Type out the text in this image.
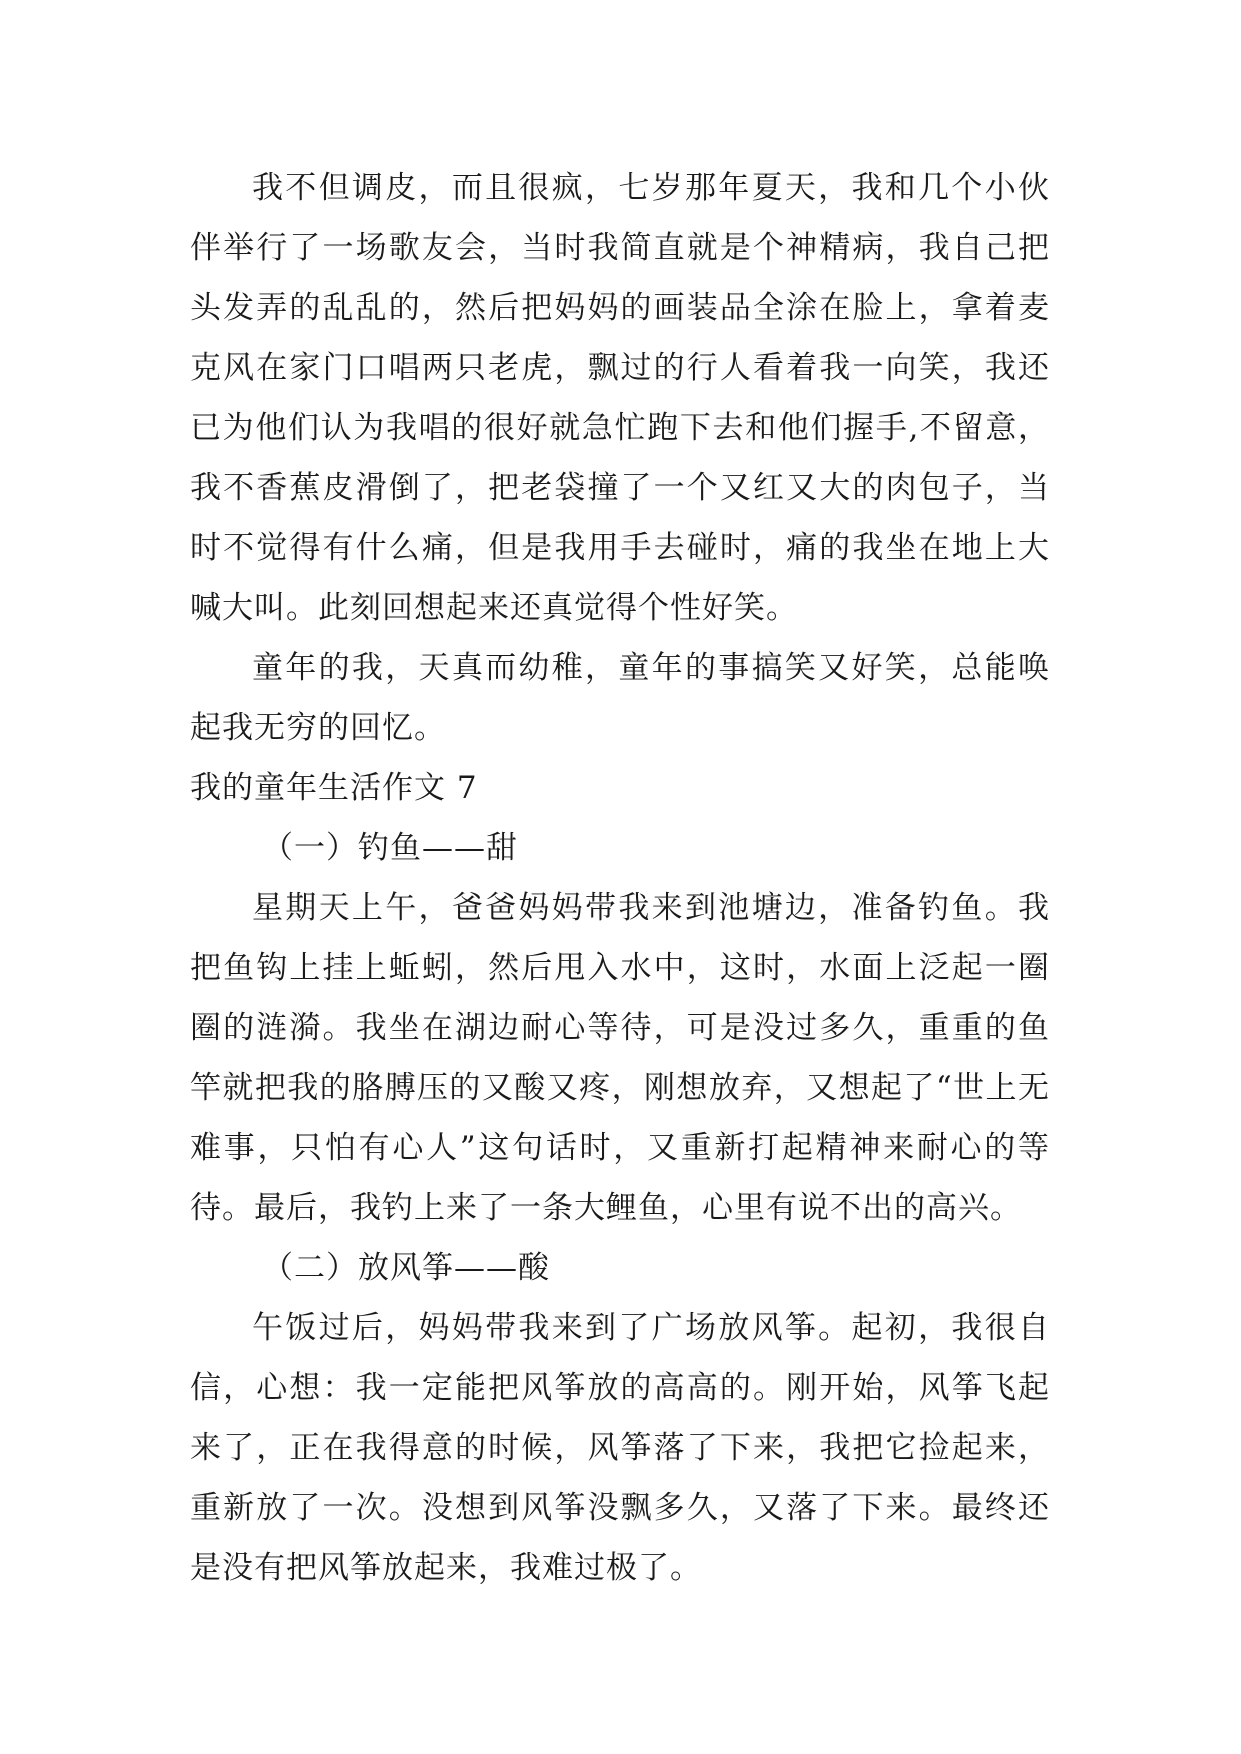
我不但调皮，而且很疯，七岁那年夏天，我和几个小伙伴举行了一场歌友会，当时我简直就是个神精病，我自己把头发弄的乱乱的，然后把妈妈的画装品全涂在脸上，拿着麦克风在家门口唱两只老虎，飘过的行人看着我一向笑，我还已为他们认为我唱的很好就急忙跑下去和他们握手,不留意，我不香蕉皮滑倒了，把老袋撞了一个又红又大的肉包子，当时不觉得有什么痛，但是我用手去碰时，痛的我坐在地上大喊大叫。此刻回想起来还真觉得个性好笑。

童年的我，天真而幼稚，童年的事搞笑又好笑，总能唤起我无穷的回忆。

我的童年生活作文 7

（一）钓鱼——甜

星期天上午，爸爸妈妈带我来到池塘边，准备钓鱼。我把鱼钩上挂上蚯蚓，然后甩入水中，这时，水面上泛起一圈圈的涟漪。我坐在湖边耐心等待，可是没过多久，重重的鱼竿就把我的胳膊压的又酸又疼，刚想放弃，又想起了“世上无难事，只怕有心人”这句话时，又重新打起精神来耐心的等待。最后，我钓上来了一条大鲤鱼，心里有说不出的高兴。

（二）放风筝——酸

午饭过后，妈妈带我来到了广场放风筝。起初，我很自信，心想：我一定能把风筝放的高高的。刚开始，风筝飞起来了，正在我得意的时候，风筝落了下来，我把它捡起来，重新放了一次。没想到风筝没飘多久，又落了下来。最终还是没有把风筝放起来，我难过极了。
